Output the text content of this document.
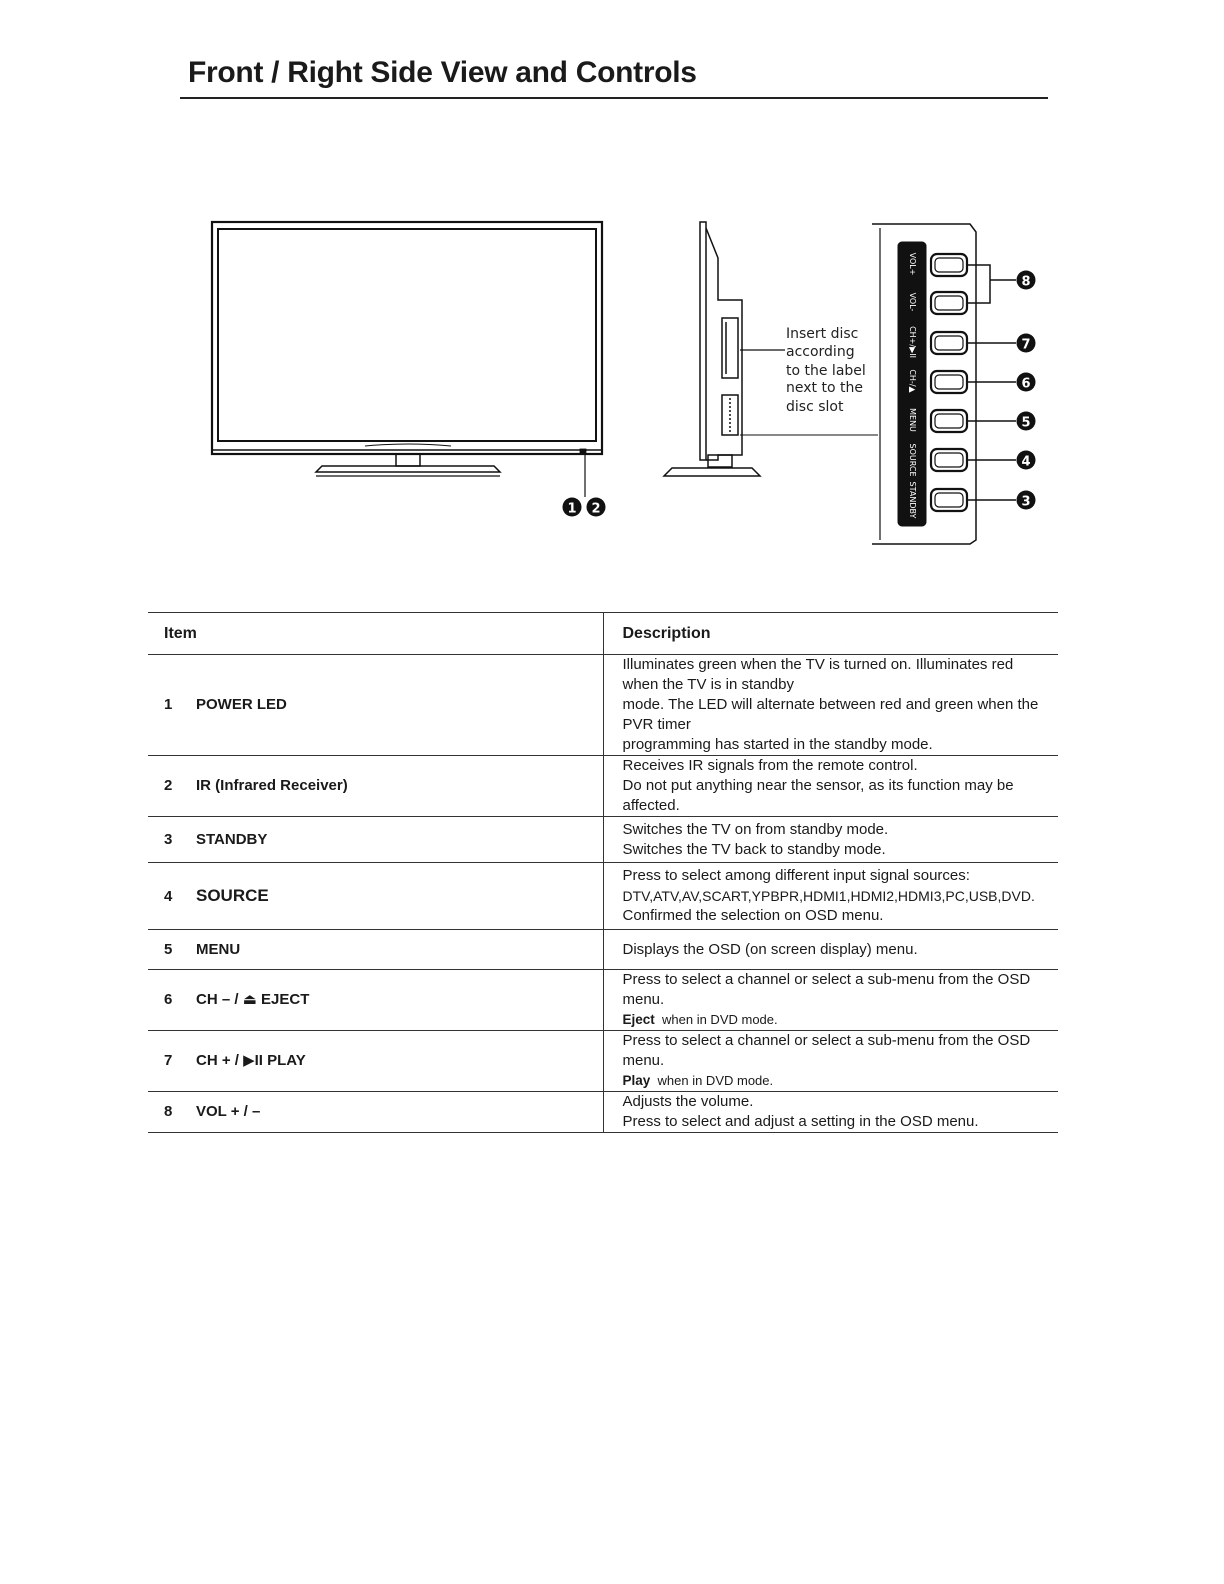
Front / Right Side View and Controls
1 2
Insert disc
according
to the label
next to the
disc slot
VOL+
VOL-
CH+/▶II
CH-/▲
MENU
SOURCE
STANDBY
8
7
6
5
4
3
Item	Description
1 POWER LED	Illuminates green when the TV is turned on. Illuminates red when the TV is in standby
mode. The LED will alternate between red and green when the PVR timer
programming has started in the standby mode.

2 IR (Infrared Receiver)	Receives IR signals from the remote control.
Do not put anything near the sensor, as its function may be affected.

3 STANDBY	Switches the TV on from standby mode.
Switches the TV back to standby mode.

4 SOURCE	Press to select among different input signal sources:
DTV,ATV,AV,SCART,YPBPR,HDMI1,HDMI2,HDMI3,PC,USB,DVD.
Confirmed the selection on OSD menu.

5 MENU	Displays the OSD (on screen display) menu.

6 CH – / ⏏ EJECT	Press to select a channel or select a sub-menu from the OSD menu.
Eject when in DVD mode.

7 CH + / ▶II PLAY	Press to select a channel or select a sub-menu from the OSD menu.
Play when in DVD mode.

8 VOL + / –	Adjusts the volume.
Press to select and adjust a setting in the OSD menu.
